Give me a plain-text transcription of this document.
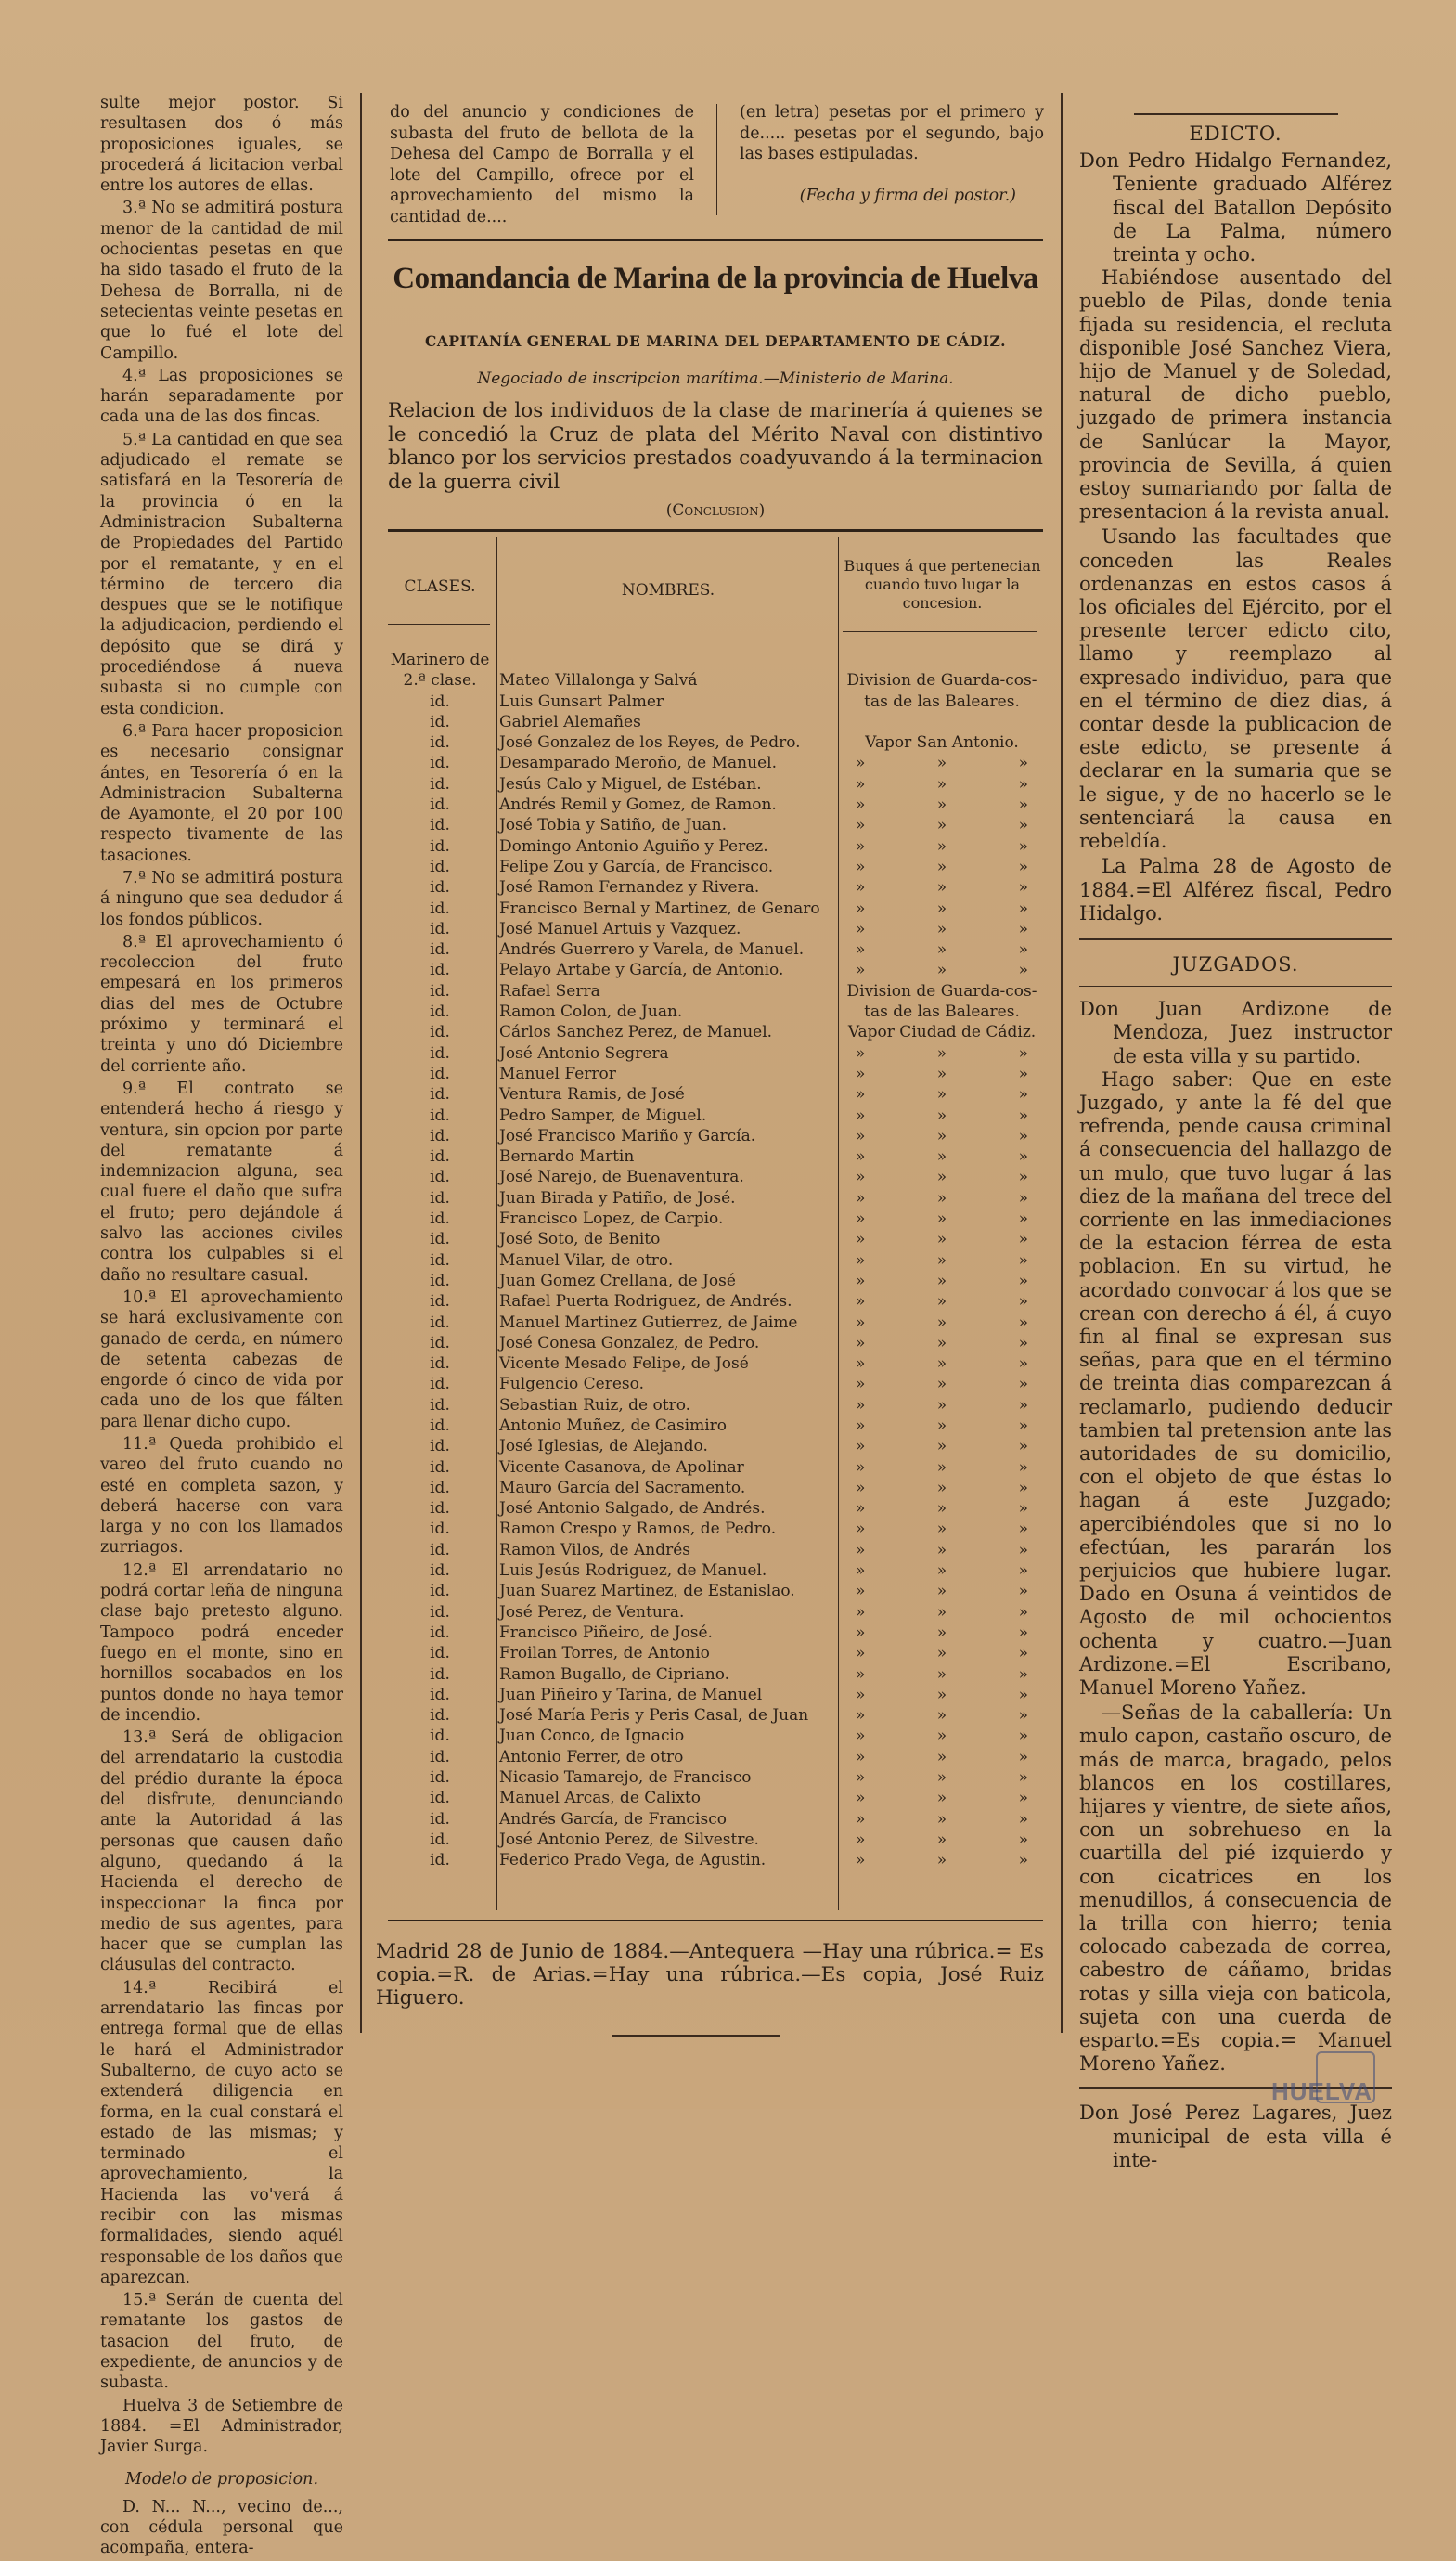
sulte mejor postor. Si resultasen dos ó más proposiciones iguales, se procederá á licitacion verbal entre los autores de ellas.

3.ª No se admitirá postura menor de la cantidad de mil ochocientas pesetas en que ha sido tasado el fruto de la Dehesa de Borralla, ni de setecientas veinte pesetas en que lo fué el lote del Campillo.

4.ª Las proposiciones se harán separadamente por cada una de las dos fincas.

5.ª La cantidad en que sea adjudicado el remate se satisfará en la Tesorería de la provincia ó en la Administracion Subalterna de Propiedades del Partido por el rematante, y en el término de tercero dia despues que se le notifique la adjudicacion, perdiendo el depósito que se dirá y procediéndose á nueva subasta si no cumple con esta condicion.

6.ª Para hacer proposicion es necesario consignar ántes, en Tesorería ó en la Administracion Subalterna de Ayamonte, el 20 por 100 respecto tivamente de las tasaciones.

7.ª No se admitirá postura á ninguno que sea dedudor á los fondos públicos.

8.ª El aprovechamiento ó recoleccion del fruto empesará en los primeros dias del mes de Octubre próximo y terminará el treinta y uno dó Diciembre del corriente año.

9.ª El contrato se entenderá hecho á riesgo y ventura, sin opcion por parte del rematante á indemnizacion alguna, sea cual fuere el daño que sufra el fruto; pero dejándole á salvo las acciones civiles contra los culpables si el daño no resultare casual.

10.ª El aprovechamiento se hará exclusivamente con ganado de cerda, en número de setenta cabezas de engorde ó cinco de vida por cada uno de los que fálten para llenar dicho cupo.

11.ª Queda prohibido el vareo del fruto cuando no esté en completa sazon, y deberá hacerse con vara larga y no con los llamados zurriagos.

12.ª El arrendatario no podrá cortar leña de ninguna clase bajo pretesto alguno. Tampoco podrá enceder fuego en el monte, sino en hornillos socabados en los puntos donde no haya temor de incendio.

13.ª Será de obligacion del arrendatario la custodia del prédio durante la época del disfrute, denunciando ante la Autoridad á las personas que causen daño alguno, quedando á la Hacienda el derecho de inspeccionar la finca por medio de sus agentes, para hacer que se cumplan las cláusulas del contracto.

14.ª Recibirá el arrendatario las fincas por entrega formal que de ellas le hará el Administrador Subalterno, de cuyo acto se extenderá diligencia en forma, en la cual constará el estado de las mismas; y terminado el aprovechamiento, la Hacienda las vo'verá á recibir con las mismas formalidades, siendo aquél responsable de los daños que aparezcan.

15.ª Serán de cuenta del rematante los gastos de tasacion del fruto, de expediente, de anuncios y de subasta.

Huelva 3 de Setiembre de 1884. =El Administrador, Javier Surga.

Modelo de proposicion.

D. N... N..., vecino de..., con cédula personal que acompaña, entera-

do del anuncio y condiciones de subasta del fruto de bellota de la Dehesa del Campo de Borralla y el lote del Campillo, ofrece por el aprovechamiento del mismo la cantidad de....

(en letra) pesetas por el primero y de..... pesetas por el segundo, bajo las bases estipuladas.

(Fecha y firma del postor.)

Comandancia de Marina de la provincia de Huelva
CAPITANÍA GENERAL DE MARINA DEL DEPARTAMENTO DE CÁDIZ.
Negociado de inscripcion marítima.—Ministerio de Marina.
Relacion de los individuos de la clase de marinería á quienes se le concedió la Cruz de plata del Mérito Naval con distintivo blanco por los servicios prestados coadyuvando á la terminacion de la guerra civil
(Conclusion)
CLASES.	NOMBRES.
Buques á que pertenecian cuando tuvo lugar la concesion.
Marinero de
2.ª clase.	Mateo Villalonga y Salvá	Division de Guarda-cos-
id.	Luis Gunsart Palmer	tas de las Baleares.
id.	Gabriel Alemañes
id.	José Gonzalez de los Reyes, de Pedro.	Vapor San Antonio.
id.	Desamparado Meroño, de Manuel.	» » »
id.	Jesús Calo y Miguel, de Estéban.	» » »
id.	Andrés Remil y Gomez, de Ramon.	» » »
id.	José Tobia y Satiño, de Juan.	» » »
id.	Domingo Antonio Aguiño y Perez.	» » »
id.	Felipe Zou y García, de Francisco.	» » »
id.	José Ramon Fernandez y Rivera.	» » »
id.	Francisco Bernal y Martinez, de Genaro	» » »
id.	José Manuel Artuis y Vazquez.	» » »
id.	Andrés Guerrero y Varela, de Manuel.	» » »
id.	Pelayo Artabe y García, de Antonio.	» » »
id.	Rafael Serra	Division de Guarda-cos-
id.	Ramon Colon, de Juan.	tas de las Baleares.
id.	Cárlos Sanchez Perez, de Manuel.	Vapor Ciudad de Cádiz.
id.	José Antonio Segrera	» » »
id.	Manuel Ferror	» » »
id.	Ventura Ramis, de José	» » »
id.	Pedro Samper, de Miguel.	» » »
id.	José Francisco Mariño y García.	» » »
id.	Bernardo Martin	» » »
id.	José Narejo, de Buenaventura.	» » »
id.	Juan Birada y Patiño, de José.	» » »
id.	Francisco Lopez, de Carpio.	» » »
id.	José Soto, de Benito	» » »
id.	Manuel Vilar, de otro.	» » »
id.	Juan Gomez Crellana, de José	» » »
id.	Rafael Puerta Rodriguez, de Andrés.	» » »
id.	Manuel Martinez Gutierrez, de Jaime	» » »
id.	José Conesa Gonzalez, de Pedro.	» » »
id.	Vicente Mesado Felipe, de José	» » »
id.	Fulgencio Cereso.	» » »
id.	Sebastian Ruiz, de otro.	» » »
id.	Antonio Muñez, de Casimiro	» » »
id.	José Iglesias, de Alejando.	» » »
id.	Vicente Casanova, de Apolinar	» » »
id.	Mauro García del Sacramento.	» » »
id.	José Antonio Salgado, de Andrés.	» » »
id.	Ramon Crespo y Ramos, de Pedro.	» » »
id.	Ramon Vilos, de Andrés	» » »
id.	Luis Jesús Rodriguez, de Manuel.	» » »
id.	Juan Suarez Martinez, de Estanislao.	» » »
id.	José Perez, de Ventura.	» » »
id.	Francisco Piñeiro, de José.	» » »
id.	Froilan Torres, de Antonio	» » »
id.	Ramon Bugallo, de Cipriano.	» » »
id.	Juan Piñeiro y Tarina, de Manuel	» » »
id.	José María Peris y Peris Casal, de Juan	» » »
id.	Juan Conco, de Ignacio	» » »
id.	Antonio Ferrer, de otro	» » »
id.	Nicasio Tamarejo, de Francisco	» » »
id.	Manuel Arcas, de Calixto	» » »
id.	Andrés García, de Francisco	» » »
id.	José Antonio Perez, de Silvestre.	» » »
id.	Federico Prado Vega, de Agustin.	» » »
Madrid 28 de Junio de 1884.—Antequera —Hay una rúbrica.= Es copia.=R. de Arias.=Hay una rúbrica.—Es copia, José Ruiz Higuero.

EDICTO.

Don Pedro Hidalgo Fernandez, Teniente graduado Alférez fiscal del Batallon Depósito de La Palma, número treinta y ocho.

Habiéndose ausentado del pueblo de Pilas, donde tenia fijada su residencia, el recluta disponible José Sanchez Viera, hijo de Manuel y de Soledad, natural de dicho pueblo, juzgado de primera instancia de Sanlúcar la Mayor, provincia de Sevilla, á quien estoy sumariando por falta de presentacion á la revista anual.

Usando las facultades que conceden las Reales ordenanzas en estos casos á los oficiales del Ejército, por el presente tercer edicto cito, llamo y reemplazo al expresado individuo, para que en el término de diez dias, á contar desde la publicacion de este edicto, se presente á declarar en la sumaria que se le sigue, y de no hacerlo se le sentenciará la causa en rebeldía.

La Palma 28 de Agosto de 1884.=El Alférez fiscal, Pedro Hidalgo.

JUZGADOS.

Don Juan Ardizone de Mendoza, Juez instructor de esta villa y su partido.

Hago saber: Que en este Juzgado, y ante la fé del que refrenda, pende causa criminal á consecuencia del hallazgo de un mulo, que tuvo lugar á las diez de la mañana del trece del corriente en las inmediaciones de la estacion férrea de esta poblacion. En su virtud, he acordado convocar á los que se crean con derecho á él, á cuyo fin al final se expresan sus señas, para que en el término de treinta dias comparezcan á reclamarlo, pudiendo deducir tambien tal pretension ante las autoridades de su domicilio, con el objeto de que éstas lo hagan á este Juzgado; apercibiéndoles que si no lo efectúan, les pararán los perjuicios que hubiere lugar. Dado en Osuna á veintidos de Agosto de mil ochocientos ochenta y cuatro.—Juan Ardizone.=El Escribano, Manuel Moreno Yañez.

—Señas de la caballería: Un mulo capon, castaño oscuro, de más de marca, bragado, pelos blancos en los costillares, hijares y vientre, de siete años, con un sobrehueso en la cuartilla del pié izquierdo y con cicatrices en los menudillos, á consecuencia de la trilla con hierro; tenia colocado cabezada de correa, cabestro de cáñamo, bridas rotas y silla vieja con baticola, sujeta con una cuerda de esparto.=Es copia.= Manuel Moreno Yañez.

Don José Perez Lagares, Juez municipal de esta villa é inte-

HUELVA
